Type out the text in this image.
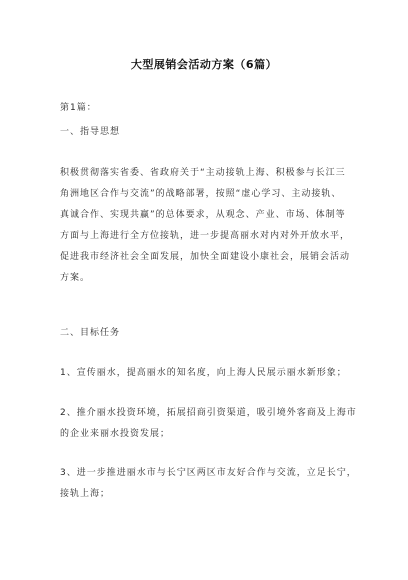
大型展销会活动方案（6篇）

第1篇：

一、指导思想

积极贯彻落实省委、省政府关于“主动接轨上海、积极参与长江三
角洲地区合作与交流”的战略部署，按照“虚心学习、主动接轨、
真诚合作、实现共赢”的总体要求，从观念、产业、市场、体制等
方面与上海进行全方位接轨，进一步提高丽水对内对外开放水平，
促进我市经济社会全面发展，加快全面建设小康社会，展销会活动
方案。

二、目标任务

1、宣传丽水，提高丽水的知名度，向上海人民展示丽水新形象；
2、推介丽水投资环境，拓展招商引资渠道，吸引境外客商及上海市
的企业来丽水投资发展；
3、进一步推进丽水市与长宁区两区市友好合作与交流，立足长宁，
接轨上海；
